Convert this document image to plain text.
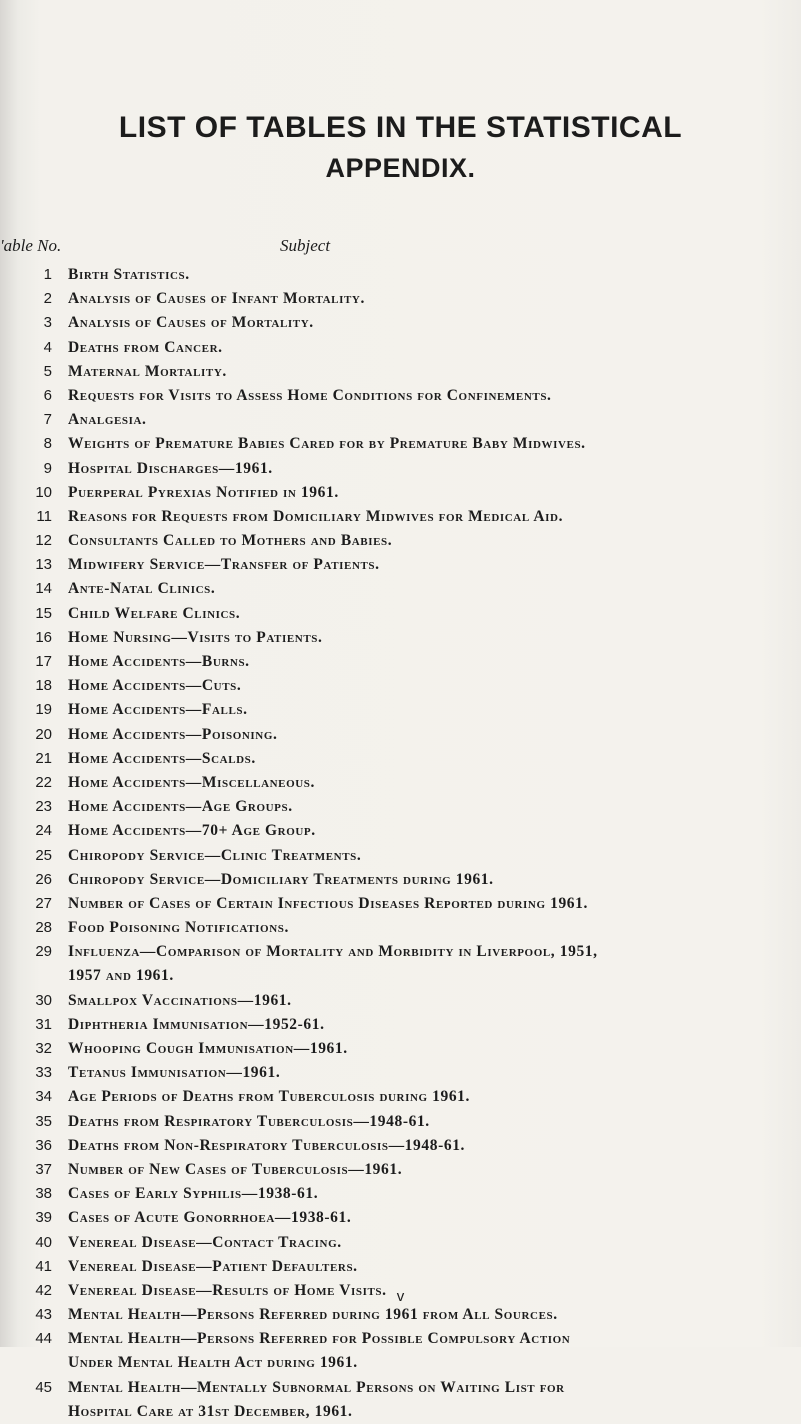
LIST OF TABLES IN THE STATISTICAL
APPENDIX.
'able No.	Subject
1	Birth Statistics.
2	Analysis of Causes of Infant Mortality.
3	Analysis of Causes of Mortality.
4	Deaths from Cancer.
5	Maternal Mortality.
6	Requests for Visits to Assess Home Conditions for Confinements.
7	Analgesia.
8	Weights of Premature Babies Cared for by Premature Baby Midwives.
9	Hospital Discharges—1961.
10	Puerperal Pyrexias Notified in 1961.
11	Reasons for Requests from Domiciliary Midwives for Medical Aid.
12	Consultants Called to Mothers and Babies.
13	Midwifery Service—Transfer of Patients.
14	Ante-Natal Clinics.
15	Child Welfare Clinics.
16	Home Nursing—Visits to Patients.
17	Home Accidents—Burns.
18	Home Accidents—Cuts.
19	Home Accidents—Falls.
20	Home Accidents—Poisoning.
21	Home Accidents—Scalds.
22	Home Accidents—Miscellaneous.
23	Home Accidents—Age Groups.
24	Home Accidents—70+ Age Group.
25	Chiropody Service—Clinic Treatments.
26	Chiropody Service—Domiciliary Treatments during 1961.
27	Number of Cases of Certain Infectious Diseases Reported during 1961.
28	Food Poisoning Notifications.
29	Influenza—Comparison of Mortality and Morbidity in Liverpool, 1951,
1957 and 1961.
30	Smallpox Vaccinations—1961.
31	Diphtheria Immunisation—1952-61.
32	Whooping Cough Immunisation—1961.
33	Tetanus Immunisation—1961.
34	Age Periods of Deaths from Tuberculosis during 1961.
35	Deaths from Respiratory Tuberculosis—1948-61.
36	Deaths from Non-Respiratory Tuberculosis—1948-61.
37	Number of New Cases of Tuberculosis—1961.
38	Cases of Early Syphilis—1938-61.
39	Cases of Acute Gonorrhoea—1938-61.
40	Venereal Disease—Contact Tracing.
41	Venereal Disease—Patient Defaulters.
42	Venereal Disease—Results of Home Visits.
43	Mental Health—Persons Referred during 1961 from All Sources.
44	Mental Health—Persons Referred for Possible Compulsory Action
Under Mental Health Act during 1961.
45	Mental Health—Mentally Subnormal Persons on Waiting List for
Hospital Care at 31st December, 1961.
v
